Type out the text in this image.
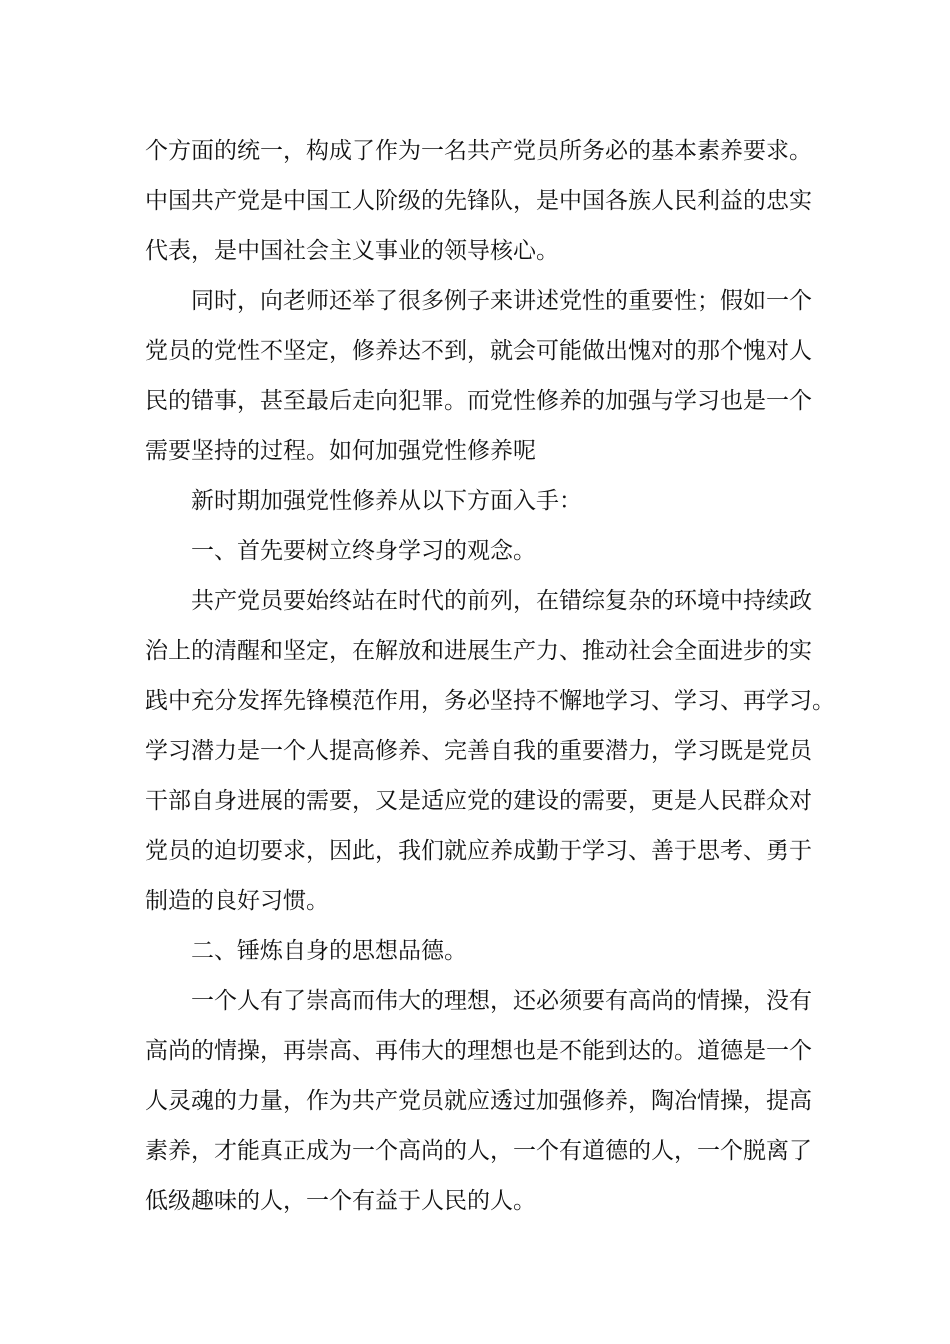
个方面的统一，构成了作为一名共产党员所务必的基本素养要求。
中国共产党是中国工人阶级的先锋队，是中国各族人民利益的忠实
代表，是中国社会主义事业的领导核心。
同时，向老师还举了很多例子来讲述党性的重要性；假如一个
党员的党性不坚定，修养达不到，就会可能做出愧对的那个愧对人
民的错事，甚至最后走向犯罪。而党性修养的加强与学习也是一个
需要坚持的过程。如何加强党性修养呢
新时期加强党性修养从以下方面入手：
一、首先要树立终身学习的观念。
共产党员要始终站在时代的前列，在错综复杂的环境中持续政
治上的清醒和坚定，在解放和进展生产力、推动社会全面进步的实
践中充分发挥先锋模范作用，务必坚持不懈地学习、学习、再学习。
学习潜力是一个人提高修养、完善自我的重要潜力，学习既是党员
干部自身进展的需要，又是适应党的建设的需要，更是人民群众对
党员的迫切要求，因此，我们就应养成勤于学习、善于思考、勇于
制造的良好习惯。
二、锤炼自身的思想品德。
一个人有了崇高而伟大的理想，还必须要有高尚的情操，没有
高尚的情操，再崇高、再伟大的理想也是不能到达的。道德是一个
人灵魂的力量，作为共产党员就应透过加强修养，陶冶情操，提高
素养，才能真正成为一个高尚的人，一个有道德的人，一个脱离了
低级趣味的人，一个有益于人民的人。
